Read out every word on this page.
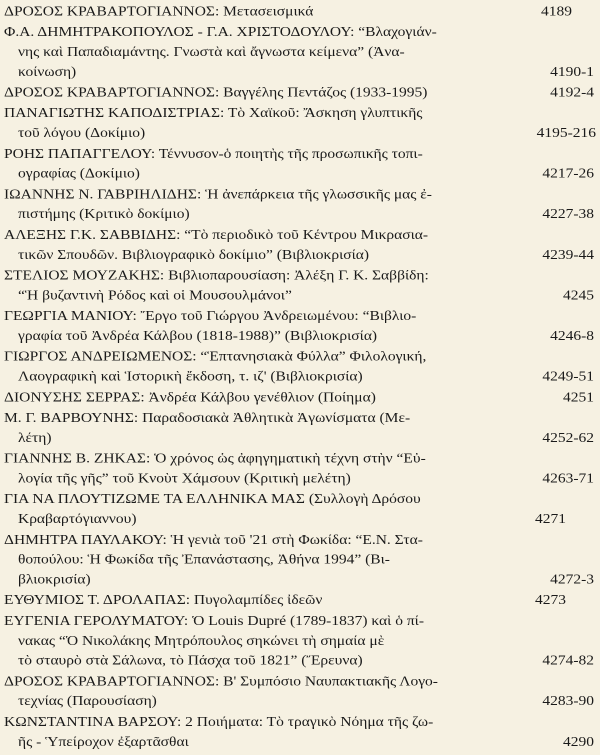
ΔΡΟΣΟΣ ΚΡΑΒΑΡΤΟΓΙΑΝΝΟΣ: Μετασεισμικά	4189
Φ.Α. ΔΗΜΗΤΡΑΚΟΠΟΥΛΟΣ - Γ.Α. ΧΡΙΣΤΟΔΟΥΛΟΥ: “Βλαχογιάν-
νης καὶ Παπαδιαμάντης. Γνωστὰ καὶ ἄγνωστα κείμενα” (Ἀνα-
κοίνωση)	4190-1
ΔΡΟΣΟΣ ΚΡΑΒΑΡΤΟΓΙΑΝΝΟΣ: Βαγγέλης Πεντάζος (1933-1995)	4192-4
ΠΑΝΑΓΙΩΤΗΣ ΚΑΠΟΔΙΣΤΡΙΑΣ: Τὸ Χαϊκοῦ: Ἄσκηση γλυπτικῆς
τοῦ λόγου (Δοκίμιο)	4195-216
ΡΟΗΣ ΠΑΠΑΓΓΕΛΟΥ: Τέννυσον-ὁ ποιητὴς τῆς προσωπικῆς τοπι-
ογραφίας (Δοκίμιο)	4217-26
ΙΩΑΝΝΗΣ Ν. ΓΑΒΡΙΗΛΙΔΗΣ: Ἡ ἀνεπάρκεια τῆς γλωσσικῆς μας ἐ-
πιστήμης (Κριτικὸ δοκίμιο)	4227-38
ΑΛΕΞΗΣ Γ.Κ. ΣΑΒΒΙΔΗΣ: “Τὸ περιοδικὸ τοῦ Κέντρου Μικρασια-
τικῶν Σπουδῶν. Βιβλιογραφικὸ δοκίμιο” (Βιβλιοκρισία)	4239-44
ΣΤΕΛΙΟΣ ΜΟΥΖΑΚΗΣ: Βιβλιοπαρουσίαση: Ἀλέξη Γ. Κ. Σαββίδη:
“Ἡ βυζαντινὴ Ρόδος καὶ οἱ Μουσουλμάνοι”	4245
ΓΕΩΡΓΙΑ ΜΑΝΙΟΥ: Ἔργο τοῦ Γιώργου Ἀνδρειωμένου: “Βιβλιο-
γραφία τοῦ Ἀνδρέα Κάλβου (1818-1988)” (Βιβλιοκρισία)	4246-8
ΓΙΩΡΓΟΣ ΑΝΔΡΕΙΩΜΕΝΟΣ: “Ἑπτανησιακὰ Φύλλα” Φιλολογική,
Λαογραφικὴ καὶ Ἱστορικὴ ἔκδοση, τ. ιζ' (Βιβλιοκρισία)	4249-51
ΔΙΟΝΥΣΗΣ ΣΕΡΡΑΣ: Ἀνδρέα Κάλβου γενέθλιον (Ποίημα)	4251
Μ. Γ. ΒΑΡΒΟΥΝΗΣ: Παραδοσιακὰ Ἀθλητικὰ Ἀγωνίσματα (Με-
λέτη)	4252-62
ΓΙΑΝΝΗΣ Β. ΖΗΚΑΣ: Ὁ χρόνος ὡς ἀφηγηματικὴ τέχνη στὴν “Εὐ-
λογία τῆς γῆς” τοῦ Κνοὺτ Χάμσουν (Κριτικὴ μελέτη)	4263-71
ΓΙΑ ΝΑ ΠΛΟΥΤΙΖΩΜΕ ΤΑ ΕΛΛΗΝΙΚΑ ΜΑΣ (Συλλογὴ Δρόσου
Κραβαρτόγιαννου)	4271
ΔΗΜΗΤΡΑ ΠΑΥΛΑΚΟΥ: Ἡ γενιὰ τοῦ '21 στὴ Φωκίδα: “Ε.Ν. Στα-
θοπούλου: Ἡ Φωκίδα τῆς Ἐπανάστασης, Ἀθήνα 1994” (Βι-
βλιοκρισία)	4272-3
ΕΥΘΥΜΙΟΣ Τ. ΔΡΟΛΑΠΑΣ: Πυγολαμπίδες ἰδεῶν	4273
ΕΥΓΕΝΙΑ ΓΕΡΟΛΥΜΑΤΟΥ: Ὁ Louis Dupré (1789-1837) καὶ ὁ πί-
νακας “Ὁ Νικολάκης Μητρόπουλος σηκώνει τὴ σημαία μὲ
τὸ σταυρὸ στὰ Σάλωνα, τὸ Πάσχα τοῦ 1821” (Ἔρευνα)	4274-82
ΔΡΟΣΟΣ ΚΡΑΒΑΡΤΟΓΙΑΝΝΟΣ: Β' Συμπόσιο Ναυπακτιακῆς Λογο-
τεχνίας (Παρουσίαση)	4283-90
ΚΩΝΣΤΑΝΤΙΝΑ ΒΑΡΣΟΥ: 2 Ποιήματα: Τὸ τραγικὸ Νόημα τῆς ζω-
ῆς - Ὑπείροχον ἐξαρτᾶσθαι	4290
